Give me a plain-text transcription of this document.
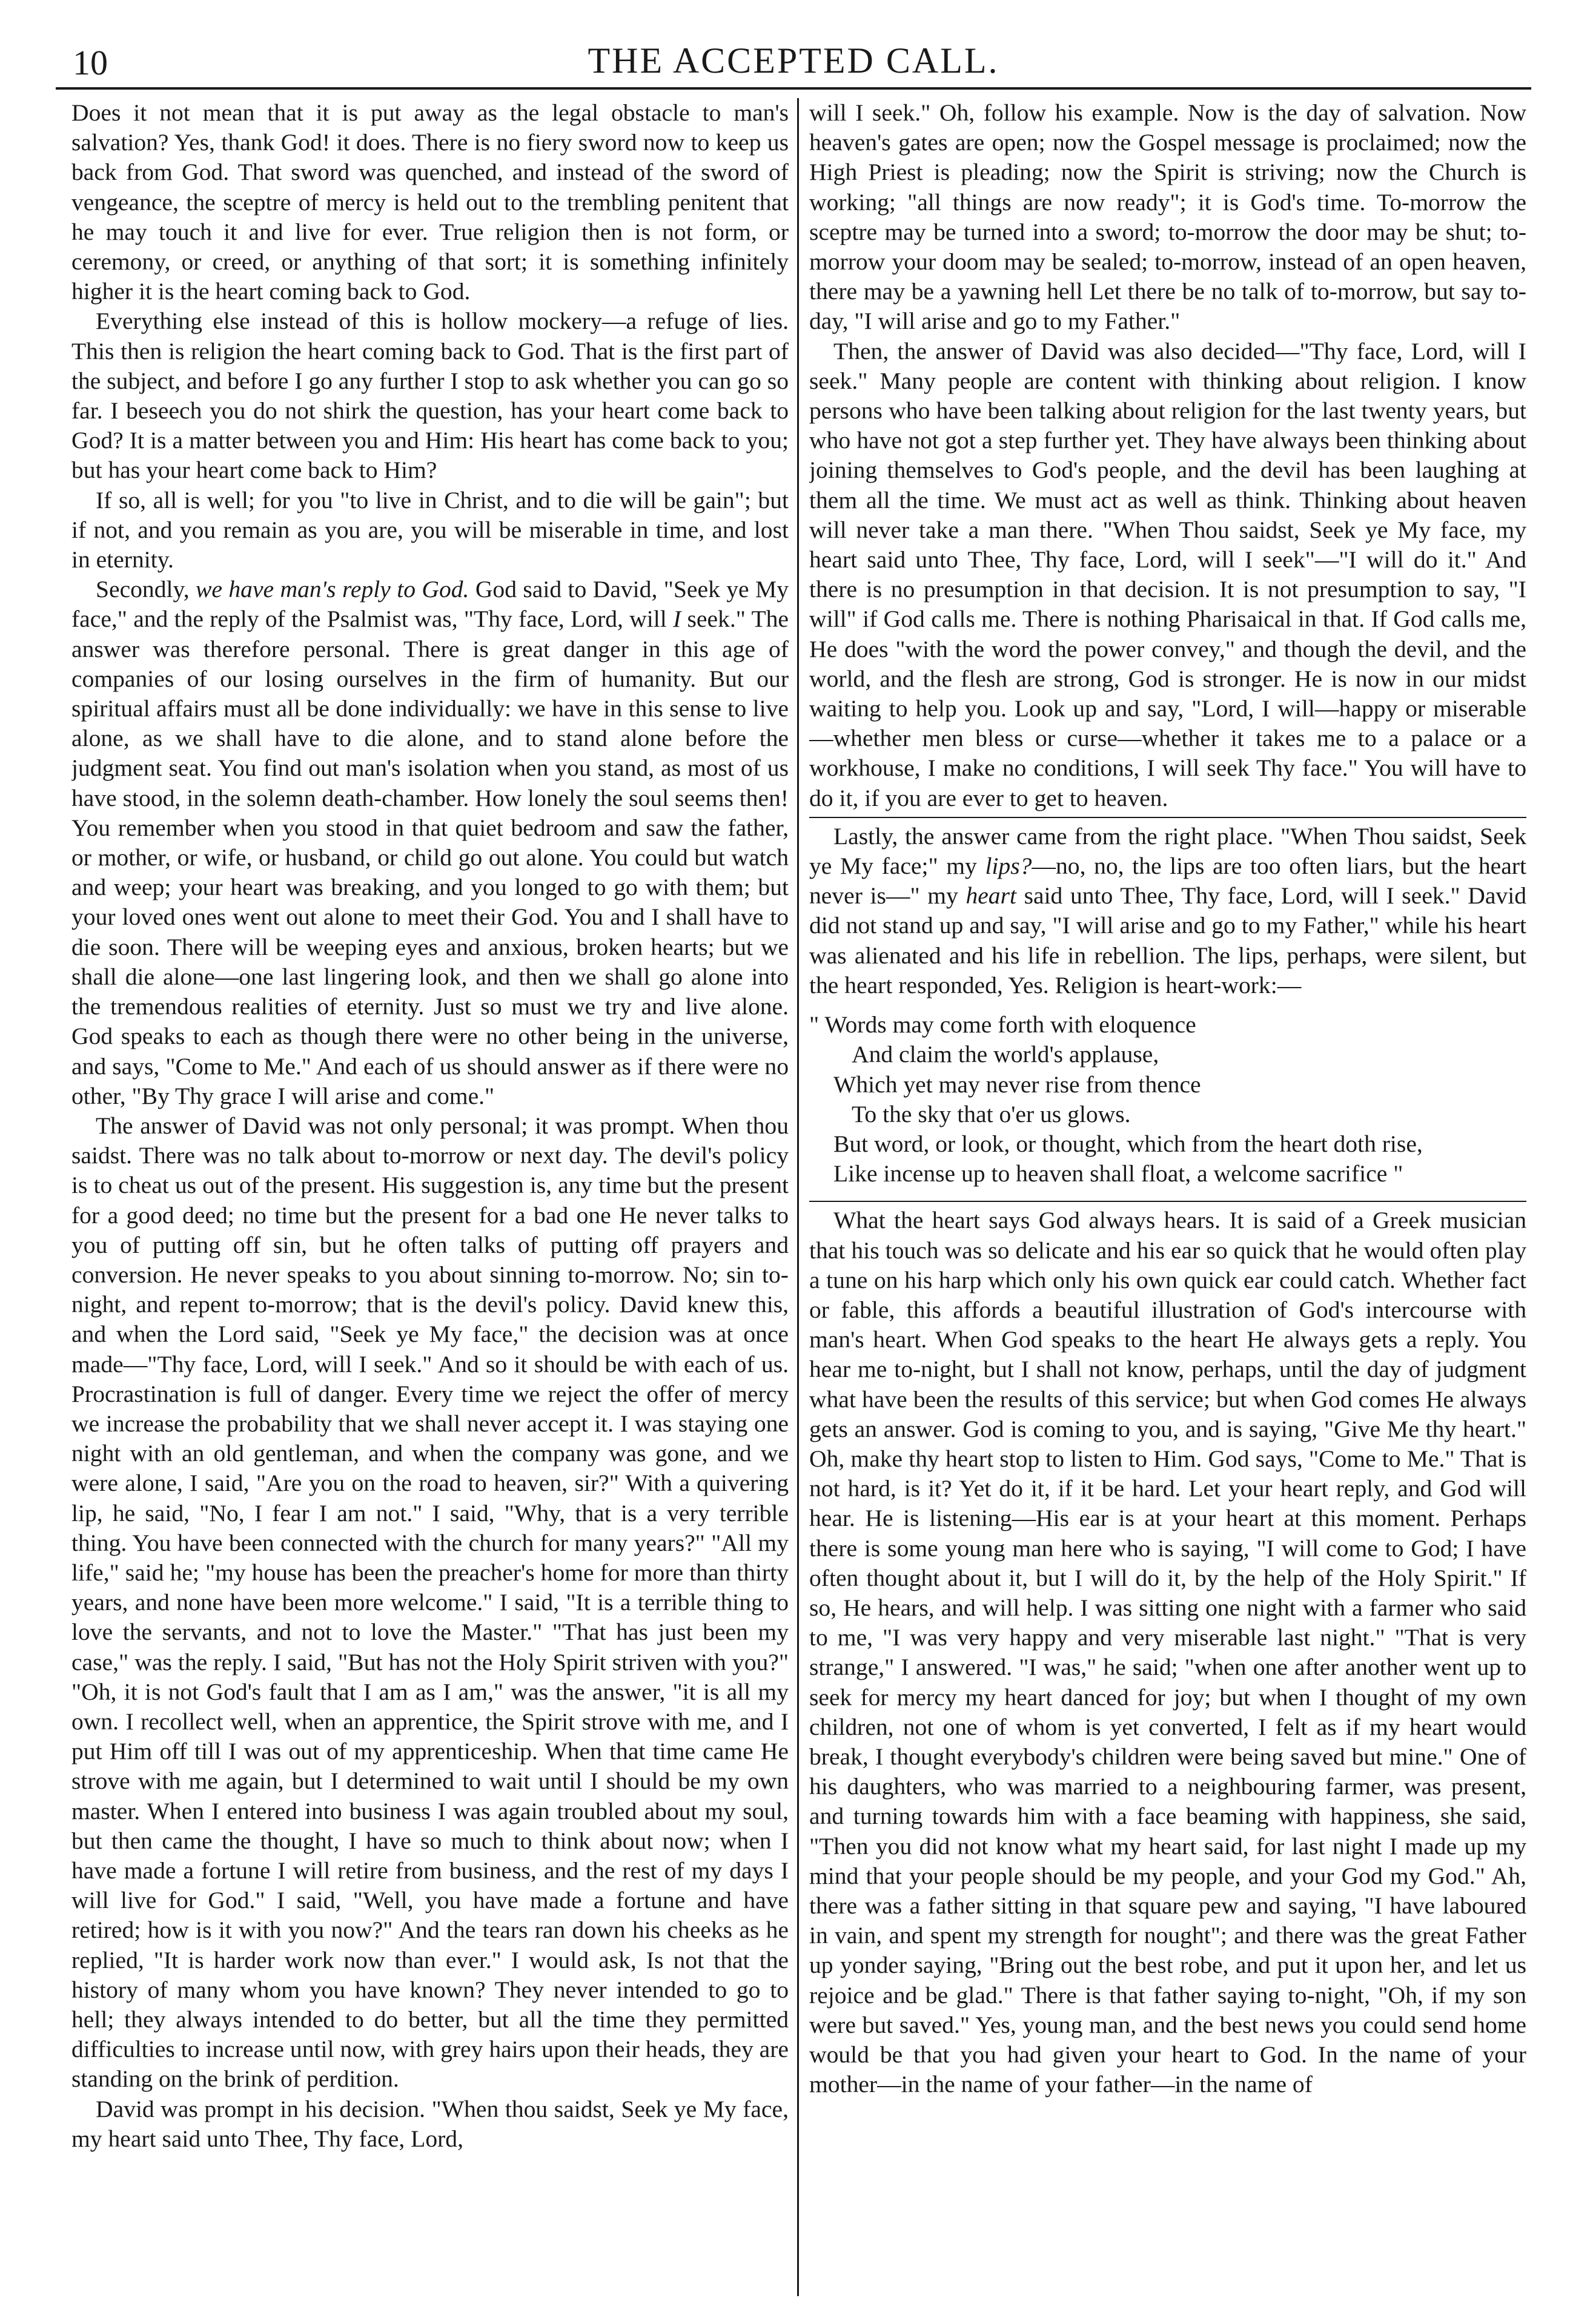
10	THE ACCEPTED CALL.

Does it not mean that it is put away as the legal obstacle to man's salvation? Yes, thank God! it does. There is no fiery sword now to keep us back from God. That sword was quenched, and instead of the sword of vengeance, the sceptre of mercy is held out to the trembling penitent that he may touch it and live for ever. True religion then is not form, or ceremony, or creed, or anything of that sort; it is something infinitely higher it is the heart coming back to God.

Everything else instead of this is hollow mockery—a refuge of lies. This then is religion the heart coming back to God. That is the first part of the subject, and before I go any further I stop to ask whether you can go so far. I beseech you do not shirk the question, has your heart come back to God? It is a matter between you and Him: His heart has come back to you; but has your heart come back to Him?

If so, all is well; for you "to live in Christ, and to die will be gain"; but if not, and you remain as you are, you will be miserable in time, and lost in eternity.

Secondly, we have man's reply to God. God said to David, "Seek ye My face," and the reply of the Psalmist was, "Thy face, Lord, will I seek." The answer was therefore personal. There is great danger in this age of companies of our losing ourselves in the firm of humanity. But our spiritual affairs must all be done individually: we have in this sense to live alone, as we shall have to die alone, and to stand alone before the judgment seat. You find out man's isolation when you stand, as most of us have stood, in the solemn death-chamber. How lonely the soul seems then! You remember when you stood in that quiet bedroom and saw the father, or mother, or wife, or husband, or child go out alone. You could but watch and weep; your heart was breaking, and you longed to go with them; but your loved ones went out alone to meet their God. You and I shall have to die soon. There will be weeping eyes and anxious, broken hearts; but we shall die alone—one last lingering look, and then we shall go alone into the tremendous realities of eternity. Just so must we try and live alone. God speaks to each as though there were no other being in the universe, and says, "Come to Me." And each of us should answer as if there were no other, "By Thy grace I will arise and come."

The answer of David was not only personal; it was prompt. When thou saidst. There was no talk about to-morrow or next day. The devil's policy is to cheat us out of the present. His suggestion is, any time but the present for a good deed; no time but the present for a bad one He never talks to you of putting off sin, but he often talks of putting off prayers and conversion. He never speaks to you about sinning to-morrow. No; sin to-night, and repent to-morrow; that is the devil's policy. David knew this, and when the Lord said, "Seek ye My face," the decision was at once made—"Thy face, Lord, will I seek." And so it should be with each of us. Procrastination is full of danger. Every time we reject the offer of mercy we increase the probability that we shall never accept it. I was staying one night with an old gentleman, and when the company was gone, and we were alone, I said, "Are you on the road to heaven, sir?" With a quivering lip, he said, "No, I fear I am not." I said, "Why, that is a very terrible thing. You have been connected with the church for many years?" "All my life," said he; "my house has been the preacher's home for more than thirty years, and none have been more welcome." I said, "It is a terrible thing to love the servants, and not to love the Master." "That has just been my case," was the reply. I said, "But has not the Holy Spirit striven with you?" "Oh, it is not God's fault that I am as I am," was the answer, "it is all my own. I recollect well, when an apprentice, the Spirit strove with me, and I put Him off till I was out of my apprenticeship. When that time came He strove with me again, but I determined to wait until I should be my own master. When I entered into business I was again troubled about my soul, but then came the thought, I have so much to think about now; when I have made a fortune I will retire from business, and the rest of my days I will live for God." I said, "Well, you have made a fortune and have retired; how is it with you now?" And the tears ran down his cheeks as he replied, "It is harder work now than ever." I would ask, Is not that the history of many whom you have known? They never intended to go to hell; they always intended to do better, but all the time they permitted difficulties to increase until now, with grey hairs upon their heads, they are standing on the brink of perdition.

David was prompt in his decision. "When thou saidst, Seek ye My face, my heart said unto Thee, Thy face, Lord,

will I seek." Oh, follow his example. Now is the day of salvation. Now heaven's gates are open; now the Gospel message is proclaimed; now the High Priest is pleading; now the Spirit is striving; now the Church is working; "all things are now ready"; it is God's time. To-morrow the sceptre may be turned into a sword; to-morrow the door may be shut; to-morrow your doom may be sealed; to-morrow, instead of an open heaven, there may be a yawning hell Let there be no talk of to-morrow, but say to-day, "I will arise and go to my Father."

Then, the answer of David was also decided—"Thy face, Lord, will I seek." Many people are content with thinking about religion. I know persons who have been talking about religion for the last twenty years, but who have not got a step further yet. They have always been thinking about joining themselves to God's people, and the devil has been laughing at them all the time. We must act as well as think. Thinking about heaven will never take a man there. "When Thou saidst, Seek ye My face, my heart said unto Thee, Thy face, Lord, will I seek"—"I will do it." And there is no presumption in that decision. It is not presumption to say, "I will" if God calls me. There is nothing Pharisaical in that. If God calls me, He does "with the word the power convey," and though the devil, and the world, and the flesh are strong, God is stronger. He is now in our midst waiting to help you. Look up and say, "Lord, I will—happy or miserable—whether men bless or curse—whether it takes me to a palace or a workhouse, I make no conditions, I will seek Thy face." You will have to do it, if you are ever to get to heaven.

Lastly, the answer came from the right place. "When Thou saidst, Seek ye My face;" my lips?—no, no, the lips are too often liars, but the heart never is—" my heart said unto Thee, Thy face, Lord, will I seek." David did not stand up and say, "I will arise and go to my Father," while his heart was alienated and his life in rebellion. The lips, perhaps, were silent, but the heart responded, Yes. Religion is heart-work:—

" Words may come forth with eloquence
And claim the world's applause,
Which yet may never rise from thence
To the sky that o'er us glows.
But word, or look, or thought, which from the heart doth rise,
Like incense up to heaven shall float, a welcome sacrifice "

What the heart says God always hears. It is said of a Greek musician that his touch was so delicate and his ear so quick that he would often play a tune on his harp which only his own quick ear could catch. Whether fact or fable, this affords a beautiful illustration of God's intercourse with man's heart. When God speaks to the heart He always gets a reply. You hear me to-night, but I shall not know, perhaps, until the day of judgment what have been the results of this service; but when God comes He always gets an answer. God is coming to you, and is saying, "Give Me thy heart." Oh, make thy heart stop to listen to Him. God says, "Come to Me." That is not hard, is it? Yet do it, if it be hard. Let your heart reply, and God will hear. He is listening—His ear is at your heart at this moment. Perhaps there is some young man here who is saying, "I will come to God; I have often thought about it, but I will do it, by the help of the Holy Spirit." If so, He hears, and will help. I was sitting one night with a farmer who said to me, "I was very happy and very miserable last night." "That is very strange," I answered. "I was," he said; "when one after another went up to seek for mercy my heart danced for joy; but when I thought of my own children, not one of whom is yet converted, I felt as if my heart would break, I thought everybody's children were being saved but mine." One of his daughters, who was married to a neighbouring farmer, was present, and turning towards him with a face beaming with happiness, she said, "Then you did not know what my heart said, for last night I made up my mind that your people should be my people, and your God my God." Ah, there was a father sitting in that square pew and saying, "I have laboured in vain, and spent my strength for nought"; and there was the great Father up yonder saying, "Bring out the best robe, and put it upon her, and let us rejoice and be glad." There is that father saying to-night, "Oh, if my son were but saved." Yes, young man, and the best news you could send home would be that you had given your heart to God. In the name of your mother—in the name of your father—in the name of
